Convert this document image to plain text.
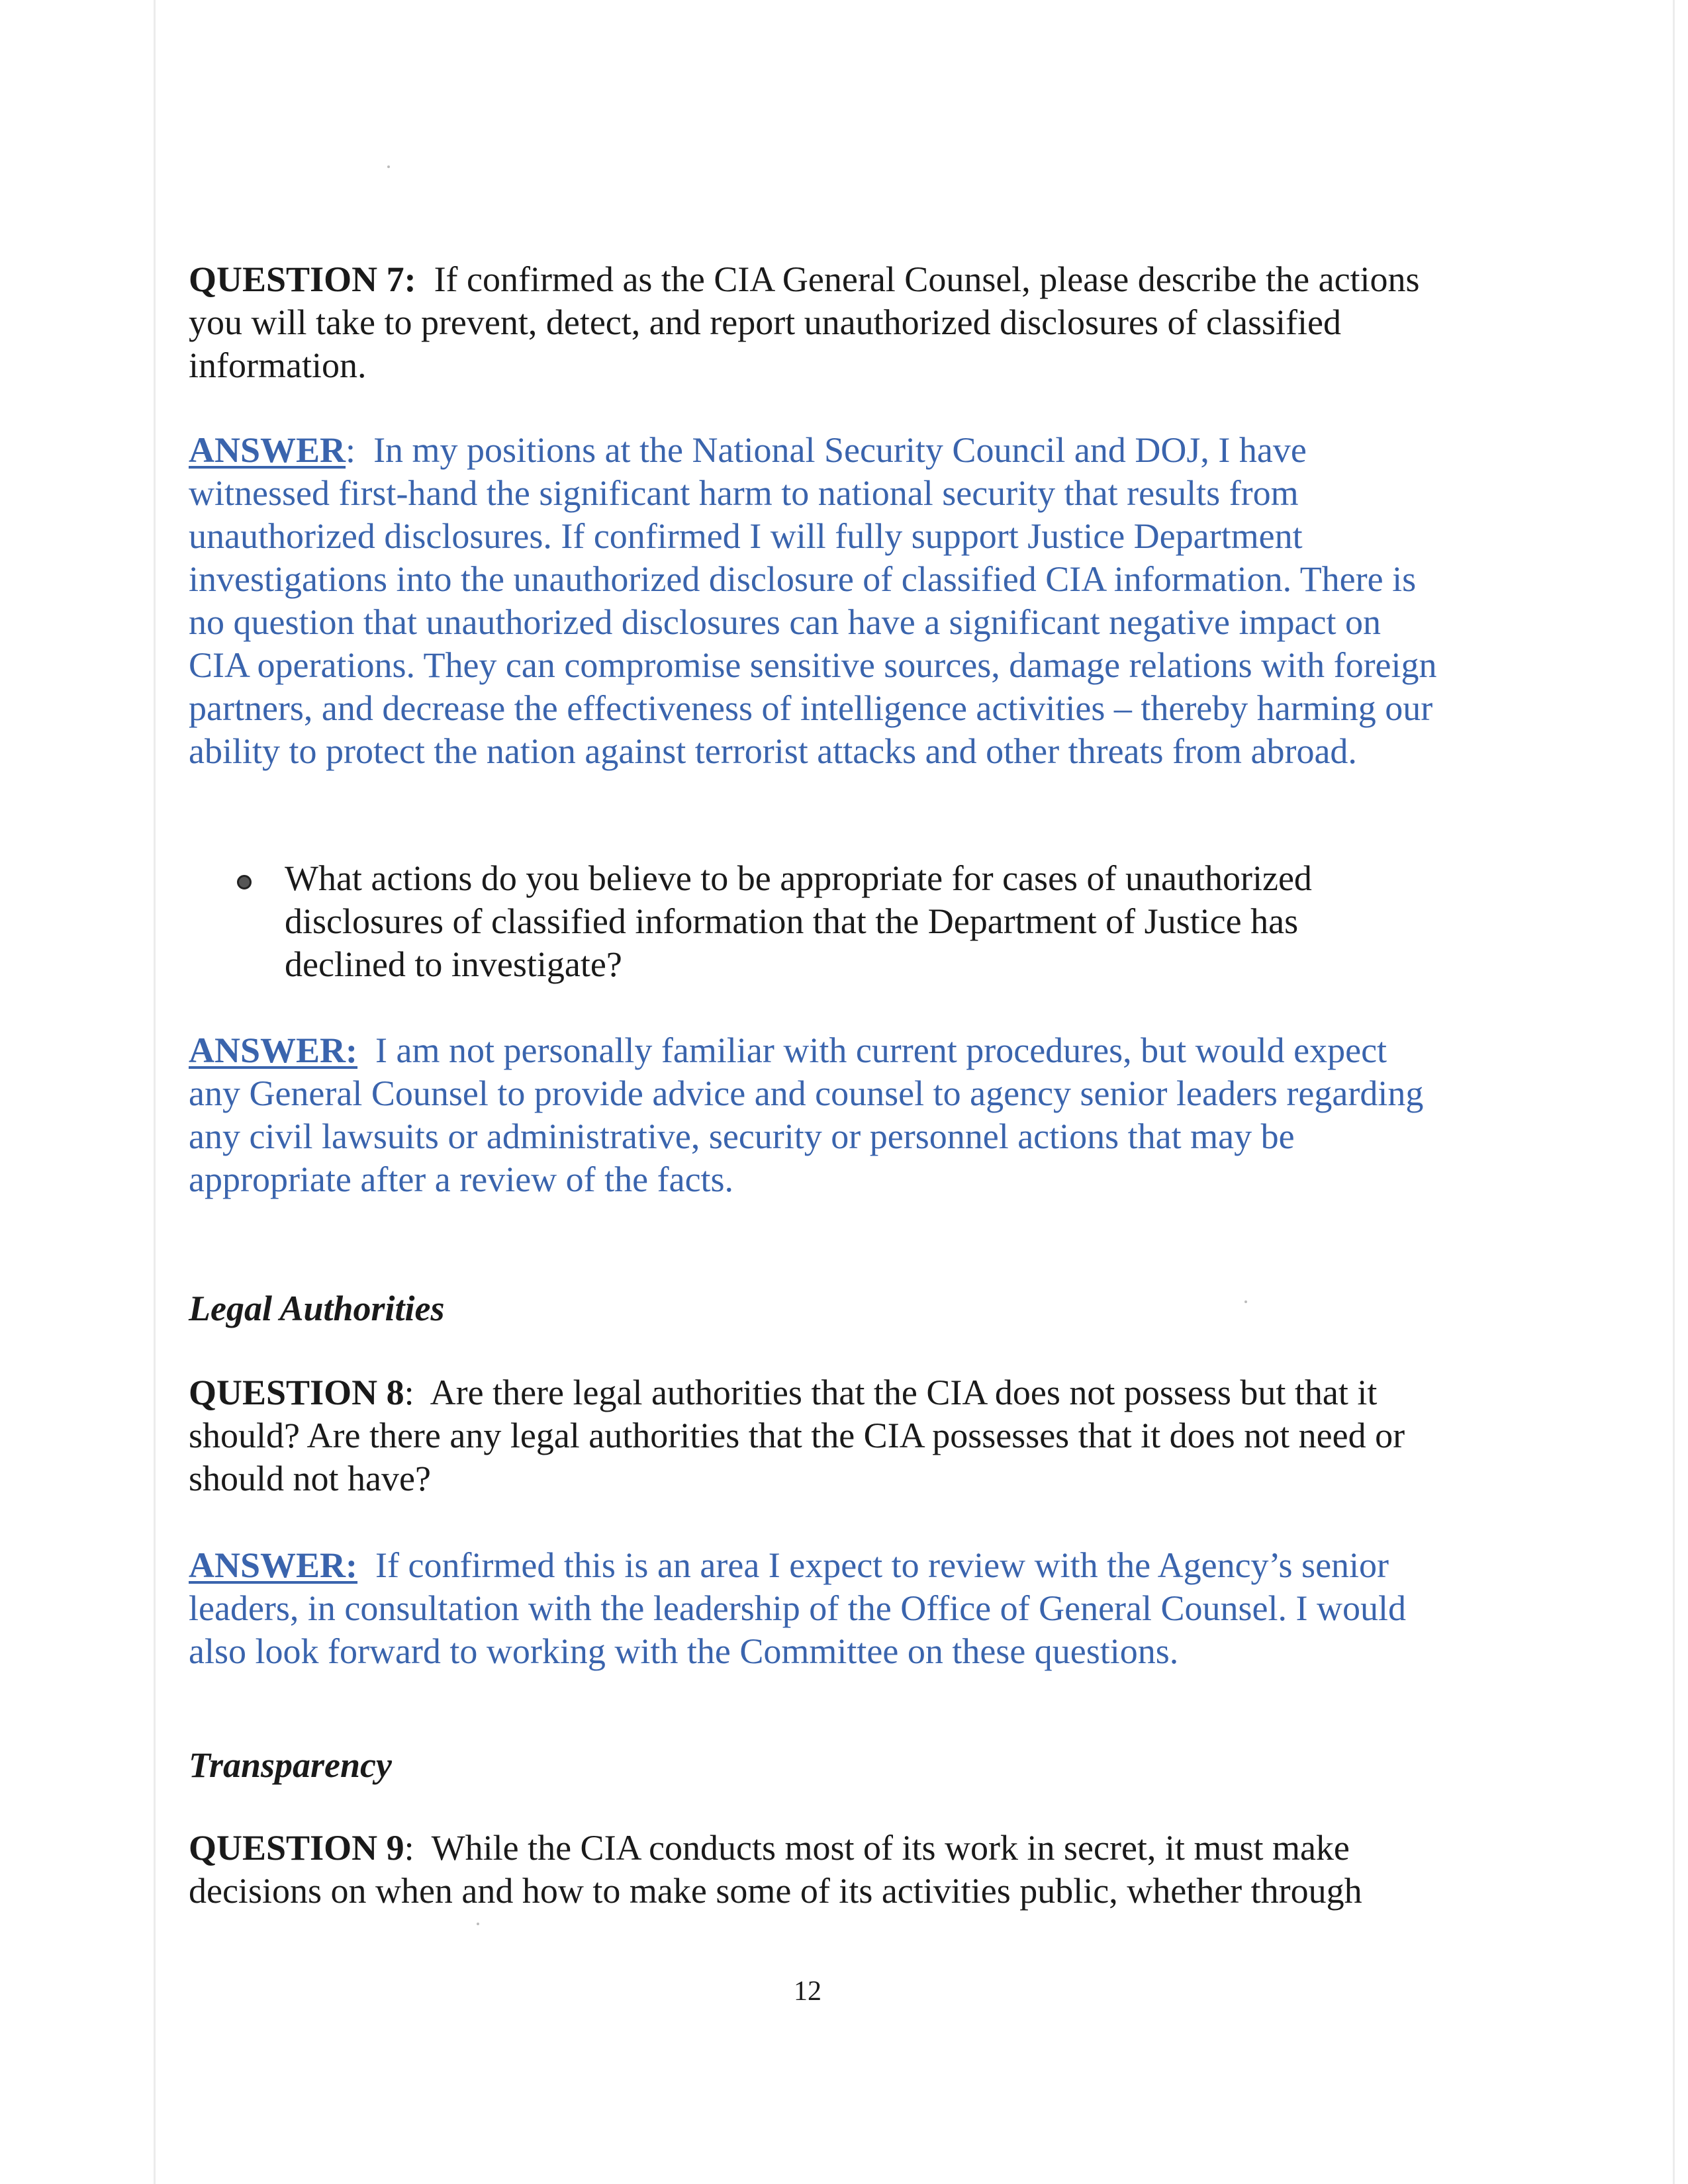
QUESTION 7: If confirmed as the CIA General Counsel, please describe the actions you will take to prevent, detect, and report unauthorized disclosures of classified information.

ANSWER: In my positions at the National Security Council and DOJ, I have witnessed first-hand the significant harm to national security that results from unauthorized disclosures. If confirmed I will fully support Justice Department investigations into the unauthorized disclosure of classified CIA information. There is no question that unauthorized disclosures can have a significant negative impact on CIA operations. They can compromise sensitive sources, damage relations with foreign partners, and decrease the effectiveness of intelligence activities – thereby harming our ability to protect the nation against terrorist attacks and other threats from abroad.

What actions do you believe to be appropriate for cases of unauthorized disclosures of classified information that the Department of Justice has declined to investigate?

ANSWER: I am not personally familiar with current procedures, but would expect any General Counsel to provide advice and counsel to agency senior leaders regarding any civil lawsuits or administrative, security or personnel actions that may be appropriate after a review of the facts.

Legal Authorities

QUESTION 8: Are there legal authorities that the CIA does not possess but that it should? Are there any legal authorities that the CIA possesses that it does not need or should not have?

ANSWER: If confirmed this is an area I expect to review with the Agency’s senior leaders, in consultation with the leadership of the Office of General Counsel. I would also look forward to working with the Committee on these questions.

Transparency

QUESTION 9: While the CIA conducts most of its work in secret, it must make decisions on when and how to make some of its activities public, whether through

12
